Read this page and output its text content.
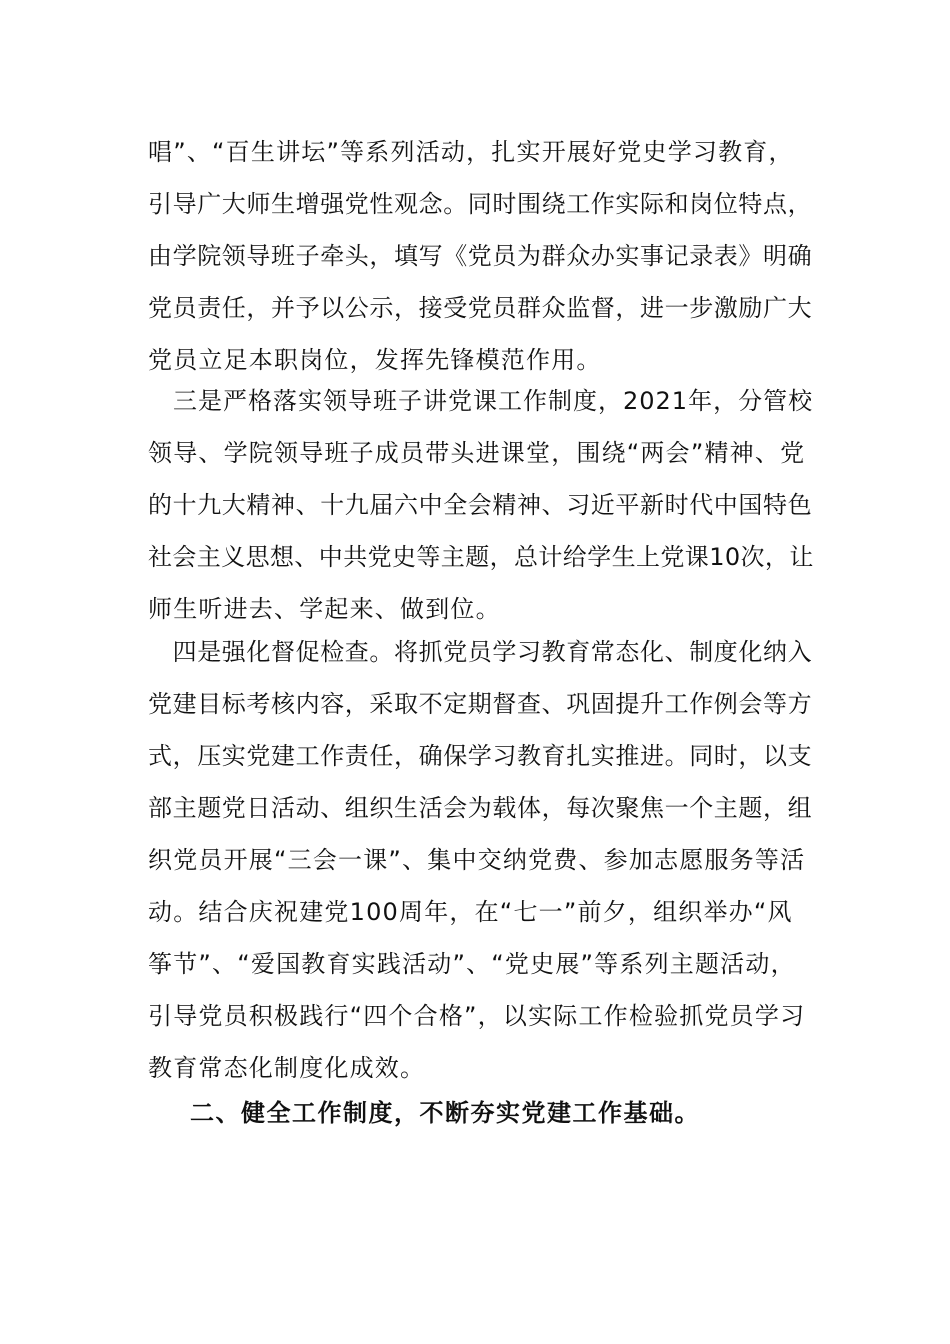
唱”、“百生讲坛”等系列活动，扎实开展好党史学习教育，
引导广大师生增强党性观念。同时围绕工作实际和岗位特点，
由学院领导班子牵头，填写《党员为群众办实事记录表》明确
党员责任，并予以公示，接受党员群众监督，进一步激励广大
党员立足本职岗位，发挥先锋模范作用。
　三是严格落实领导班子讲党课工作制度，2021年，分管校
领导、学院领导班子成员带头进课堂，围绕“两会”精神、党
的十九大精神、十九届六中全会精神、习近平新时代中国特色
社会主义思想、中共党史等主题，总计给学生上党课10次，让
师生听进去、学起来、做到位。
　四是强化督促检查。将抓党员学习教育常态化、制度化纳入
党建目标考核内容，采取不定期督查、巩固提升工作例会等方
式，压实党建工作责任，确保学习教育扎实推进。同时，以支
部主题党日活动、组织生活会为载体，每次聚焦一个主题，组
织党员开展“三会一课”、集中交纳党费、参加志愿服务等活
动。结合庆祝建党100周年，在“七一”前夕，组织举办“风
筝节”、“爱国教育实践活动”、“党史展”等系列主题活动，
引导党员积极践行“四个合格”，以实际工作检验抓党员学习
教育常态化制度化成效。
二、健全工作制度，不断夯实党建工作基础。
